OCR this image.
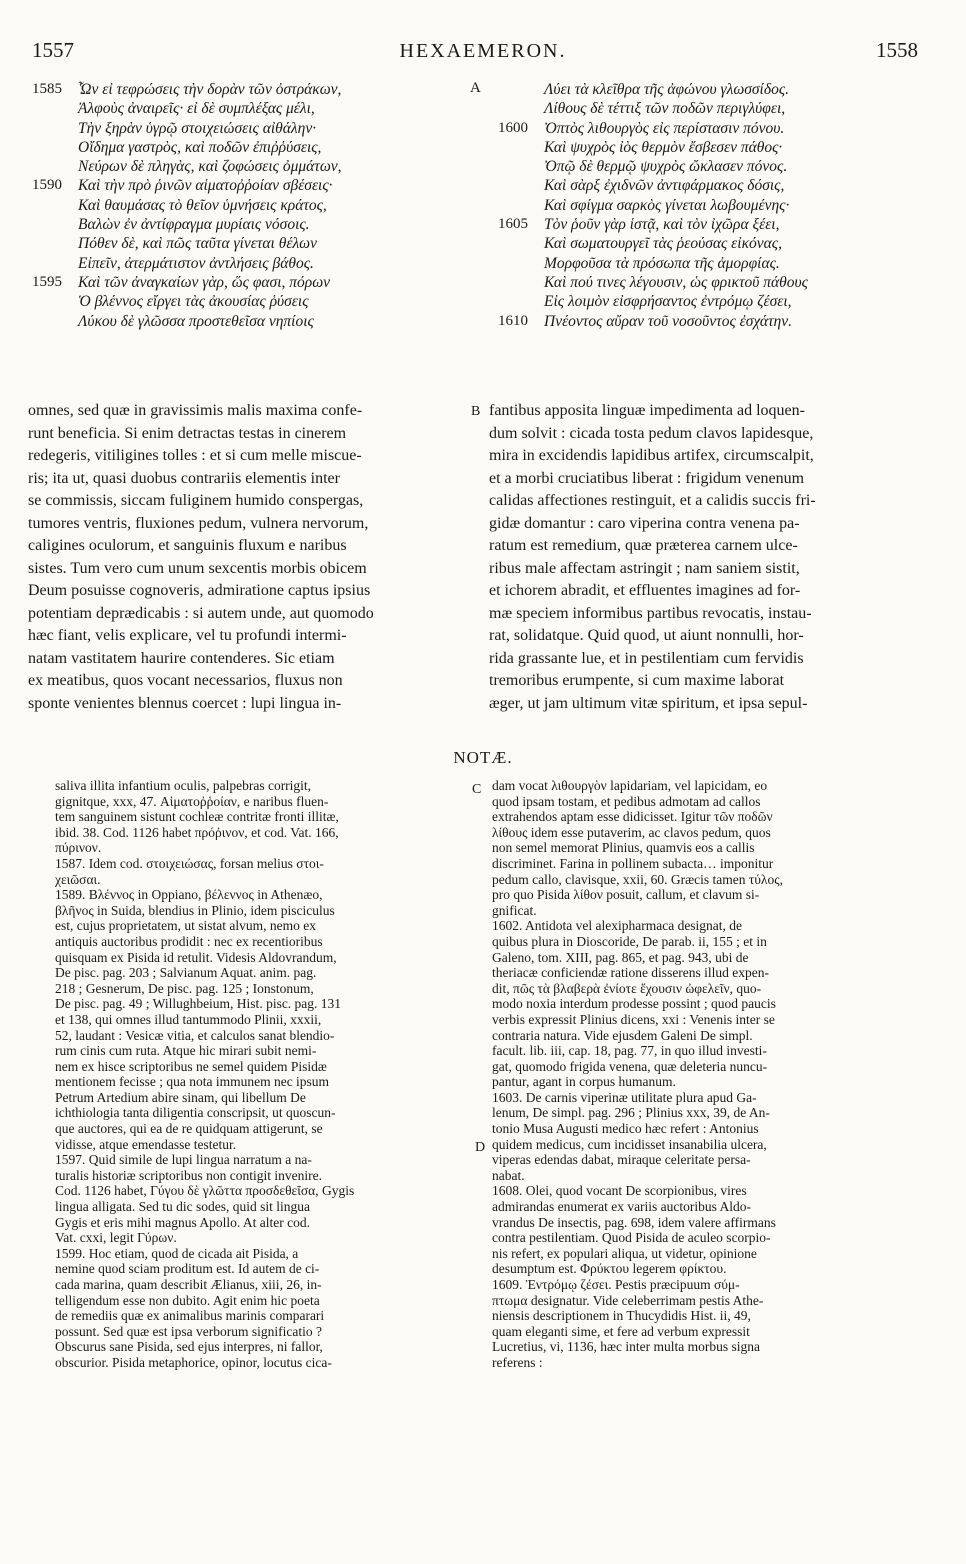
1557	ΗΕΧΑΕΜΕRΟΝ.	1558
1585	Ὧν εἰ τεφρώσεις τὴν δορὰν τῶν ὀστράκων,
Ἀλφοὺς ἀναιρεῖς· εἰ δὲ συμπλέξας μέλι,
Τὴν ξηρὰν ὑγρῷ στοιχειώσεις αἰθάλην·
Οἴδημα γαστρὸς, καὶ ποδῶν ἐπιῤῥύσεις,
Νεύρων δὲ πληγὰς, καὶ ζοφώσεις ὀμμάτων,
1590	Καὶ τὴν πρὸ ῥινῶν αἱματοῤῥοίαν σβέσεις·
Καὶ θαυμάσας τὸ θεῖον ὑμνήσεις κράτος,
Βαλὼν ἐν ἀντίφραγμα μυρίαις νόσοις.
Πόθεν δὲ, καὶ πῶς ταῦτα γίνεται θέλων
Εἰπεῖν, ἀτερμάτιστον ἀντλήσεις βάθος.
1595	Καὶ τῶν ἀναγκαίων γὰρ, ὥς φασι, πόρων
Ὁ βλέννος εἴργει τὰς ἀκουσίας ῥύσεις
Λύκου δὲ γλῶσσα προστεθεῖσα νηπίοις
A	Λύει τὰ κλεῖθρα τῆς ἀφώνου γλωσσίδος.
Λίθους δὲ τέττιξ τῶν ποδῶν περιγλύφει,
1600	Ὀπτὸς λιθουργὸς εἰς περίστασιν πόνου.
Καὶ ψυχρὸς ἰὸς θερμὸν ἔσβεσεν πάθος·
Ὀπῷ δὲ θερμῷ ψυχρὸς ὤκλασεν πόνος.
Καὶ σὰρξ ἐχιδνῶν ἀντιφάρμακος δόσις,
Καὶ σφίγμα σαρκὸς γίνεται λωβουμένης·
1605	Τὸν ῥοῦν γὰρ ἱστᾷ, καὶ τὸν ἰχῶρα ξέει,
Καὶ σωματουργεῖ τὰς ῥεούσας εἰκόνας,
Μορφοῦσα τὰ πρόσωπα τῆς ἀμορφίας.
Καὶ πού τινες λέγουσιν, ὡς φρικτοῦ πάθους
Εἰς λοιμὸν εἰσφρήσαντος ἐντρόμῳ ζέσει,
1610	Πνέοντος αὔραν τοῦ νοσοῦντος ἐσχάτην.
omnes, sed quæ in gravissimis malis maxima confe-
runt beneficia. Si enim detractas testas in cinerem
redegeris, vitiligines tolles : et si cum melle miscue-
ris; ita ut, quasi duobus contrariis elementis inter
se commissis, siccam fuliginem humido conspergas,
tumores ventris, fluxiones pedum, vulnera nervorum,
caligines oculorum, et sanguinis fluxum e naribus
sistes. Tum vero cum unum sexcentis morbis obicem
Deum posuisse cognoveris, admiratione captus ipsius
potentiam deprædicabis : si autem unde, aut quomodo
hæc fiant, velis explicare, vel tu profundi intermi-
natam vastitatem haurire contenderes. Sic etiam
ex meatibus, quos vocant necessarios, fluxus non
sponte venientes blennus coercet : lupi lingua in-
B fantibus apposita linguæ impedimenta ad loquen-
dum solvit : cicada tosta pedum clavos lapidesque,
mira in excidendis lapidibus artifex, circumscalpit,
et a morbi cruciatibus liberat : frigidum venenum
calidas affectiones restinguit, et a calidis succis fri-
gidæ domantur : caro viperina contra venena pa-
ratum est remedium, quæ præterea carnem ulce-
ribus male affectam astringit ; nam saniem sistit,
et ichorem abradit, et effluentes imagines ad for-
mæ speciem informibus partibus revocatis, instau-
rat, solidatque. Quid quod, ut aiunt nonnulli, hor-
rida grassante lue, et in pestilentiam cum fervidis
tremoribus erumpente, si cum maxime laborat
æger, ut jam ultimum vitæ spiritum, et ipsa sepul-
NOTÆ.
saliva illita infantium oculis, palpebras corrigit,
gignitque, xxx, 47. Αἱματοῤῥοίαν, e naribus fluen-
tem sanguinem sistunt cochleæ contritæ fronti illitæ,
ibid. 38. Cod. 1126 habet πρόῤινον, et cod. Vat. 166,
πύρινον.
1587. Idem cod. στοιχειώσας, forsan melius στοι-
χειῶσαι.
1589. Βλέννος in Oppiano, βέλεννος in Athenæo,
βλῆνος in Suida, blendius in Plinio, idem pisciculus
est, cujus proprietatem, ut sistat alvum, nemo ex
antiquis auctoribus prodidit : nec ex recentioribus
quisquam ex Pisida id retulit. Videsis Aldovrandum,
De pisc. pag. 203 ; Salvianum Aquat. anim. pag.
218 ; Gesnerum, De pisc. pag. 125 ; Ionstonum,
De pisc. pag. 49 ; Willughbeium, Hist. pisc. pag. 131
et 138, qui omnes illud tantummodo Plinii, xxxii,
52, laudant : Vesicæ vitia, et calculos sanat blendio-
rum cinis cum ruta. Atque hic mirari subit nemi-
nem ex hisce scriptoribus ne semel quidem Pisidæ
mentionem fecisse ; qua nota immunem nec ipsum
Petrum Artedium abire sinam, qui libellum De
ichthiologia tanta diligentia conscripsit, ut quoscun-
que auctores, qui ea de re quidquam attigerunt, se
vidisse, atque emendasse testetur.
1597. Quid simile de lupi lingua narratum a na-
turalis historiæ scriptoribus non contigit invenire.
Cod. 1126 habet, Γύγου δὲ γλῶττα προσδεθεῖσα, Gygis
lingua alligata. Sed tu dic sodes, quid sit lingua
Gygis et eris mihi magnus Apollo. At alter cod.
Vat. cxxi, legit Γύρων.
1599. Hoc etiam, quod de cicada ait Pisida, a
nemine quod sciam proditum est. Id autem de ci-
cada marina, quam describit Ælianus, xiii, 26, in-
telligendum esse non dubito. Agit enim hic poeta
de remediis quæ ex animalibus marinis comparari
possunt. Sed quæ est ipsa verborum significatio ?
Obscurus sane Pisida, sed ejus interpres, ni fallor,
obscurior. Pisida metaphorice, opinor, locutus cica-
C
D
dam vocat λιθουργὸν lapidariam, vel lapicidam, eo
quod ipsam tostam, et pedibus admotam ad callos
extrahendos aptam esse didicisset. Igitur τῶν ποδῶν
λίθους idem esse putaverim, ac clavos pedum, quos
non semel memorat Plinius, quamvis eos a callis
discriminet. Farina in pollinem subacta… imponitur
pedum callo, clavisque, xxii, 60. Græcis tamen τύλος,
pro quo Pisida λίθον posuit, callum, et clavum si-
gnificat.
1602. Antidota vel alexipharmaca designat, de
quibus plura in Dioscoride, De parab. ii, 155 ; et in
Galeno, tom. XIII, pag. 865, et pag. 943, ubi de
theriacæ conficiendæ ratione disserens illud expen-
dit, πῶς τὰ βλαβερὰ ἐνίοτε ἔχουσιν ὠφελεῖν, quo-
modo noxia interdum prodesse possint ; quod paucis
verbis expressit Plinius dicens, xxi : Venenis inter se
contraria natura. Vide ejusdem Galeni De simpl.
facult. lib. iii, cap. 18, pag. 77, in quo illud investi-
gat, quomodo frigida venena, quæ deleteria nuncu-
pantur, agant in corpus humanum.
1603. De carnis viperinæ utilitate plura apud Ga-
lenum, De simpl. pag. 296 ; Plinius xxx, 39, de An-
tonio Musa Augusti medico hæc refert : Antonius
quidem medicus, cum incidisset insanabilia ulcera,
viperas edendas dabat, miraque celeritate persa-
nabat.
1608. Olei, quod vocant De scorpionibus, vires
admirandas enumerat ex variis auctoribus Aldo-
vrandus De insectis, pag. 698, idem valere affirmans
contra pestilentiam. Quod Pisida de aculeo scorpio-
nis refert, ex populari aliqua, ut videtur, opinione
desumptum est. Φρύκτου legerem φρίκτου.
1609. Ἐντρόμῳ ζέσει. Pestis præcipuum σύμ-
πτωμα designatur. Vide celeberrimam pestis Athe-
niensis descriptionem in Thucydidis Hist. ii, 49,
quam eleganti sime, et fere ad verbum expressit
Lucretius, vi, 1136, hæc inter multa morbus signa
referens :
